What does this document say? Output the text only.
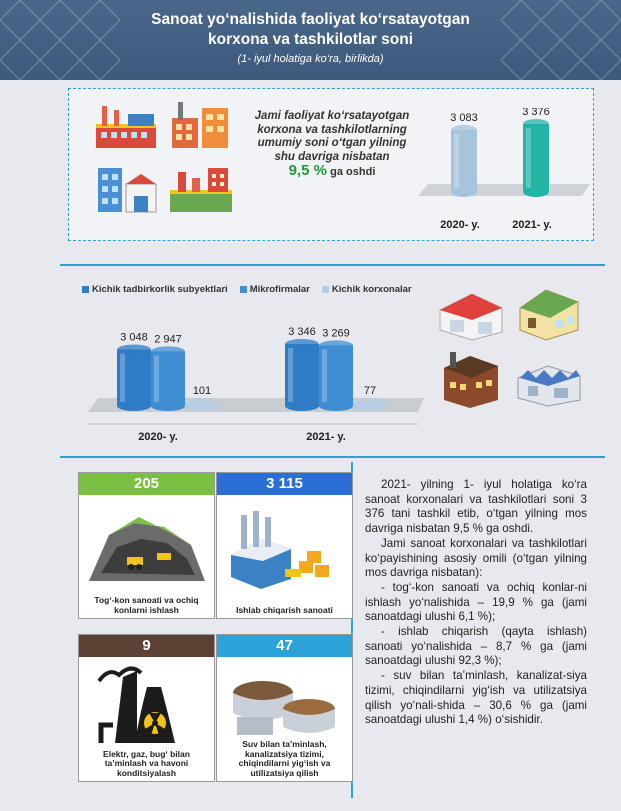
Sanoat yo‘nalishida faoliyat ko‘rsatayotgan
korxona va tashkilotlar soni
(1- iyul holatiga ko‘ra, birlikda)
Jami faoliyat ko‘rsatayotgan korxona va tashkilotlarning umumiy soni o‘tgan yilning shu davriga nisbatan
9,5 % ga oshdi
3 083
2020- y.
3 376
2021- y.
Kichik tadbirkorlik subyektlari Mikrofirmalar Kichik korxonalar
3 048 2 947
101
2020- y.
3 346 3 269
77
2021- y.
205
Tog‘-kon sanoati va ochiq konlarni ishlash
3 115
Ishlab chiqarish sanoati
9
Elektr, gaz, bug‘ bilan ta’minlash va havoni konditsiyalash
47
Suv bilan ta’minlash, kanalizatsiya tizimi, chiqindilarni yig‘ish va utilizatsiya qilish

2021- yilning 1- iyul holatiga ko‘ra sanoat korxonalari va tashkilotlari soni 3 376 tani tashkil etib, o‘tgan yilning mos davriga nisbatan 9,5 % ga oshdi.

Jami sanoat korxonalari va tashkilotlari ko‘payishining asosiy omili (o‘tgan yilning mos davriga nisbatan):

- tog‘-kon sanoati va ochiq konlar-ni ishlash yo‘nalishida – 19,9 % ga (jami sanoatdagi ulushi 6,1 %);

- ishlab chiqarish (qayta ishlash) sanoati yo‘nalishida – 8,7 % ga (jami sanoatdagi ulushi 92,3 %);

- suv bilan ta’minlash, kanalizat-siya tizimi, chiqindilarni yig‘ish va utilizatsiya qilish yo‘nali-shida – 30,6 % ga (jami sanoatdagi ulushi 1,4 %) o‘sishidir.
